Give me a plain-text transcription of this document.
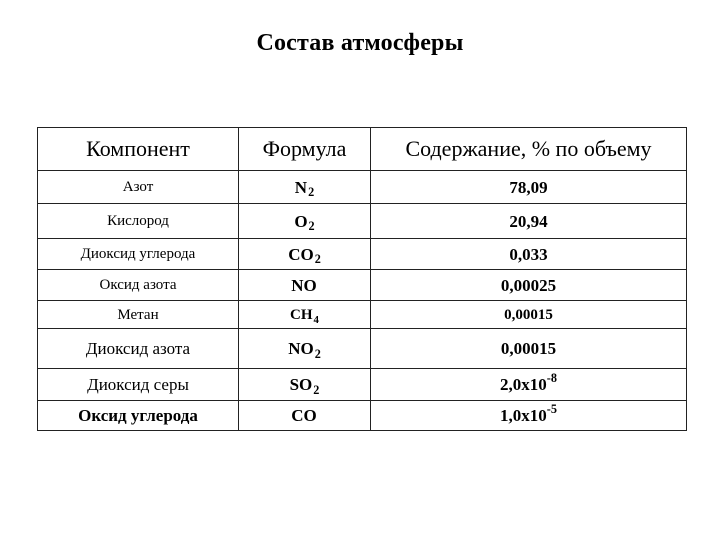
Состав атмосферы
Компонент	Формула	Содержание, % по объему
Азот	N 2	78,09
Кислород	O 2	20,94
Диоксид углерода	CO 2	0,033
Оксид азота	NO	0,00025
Метан	CH 4	0,00015
Диоксид азота	NO 2	0,00015
Диоксид серы	SO 2	2,0x10 -8
Оксид углерода	CO	1,0x10 -5
